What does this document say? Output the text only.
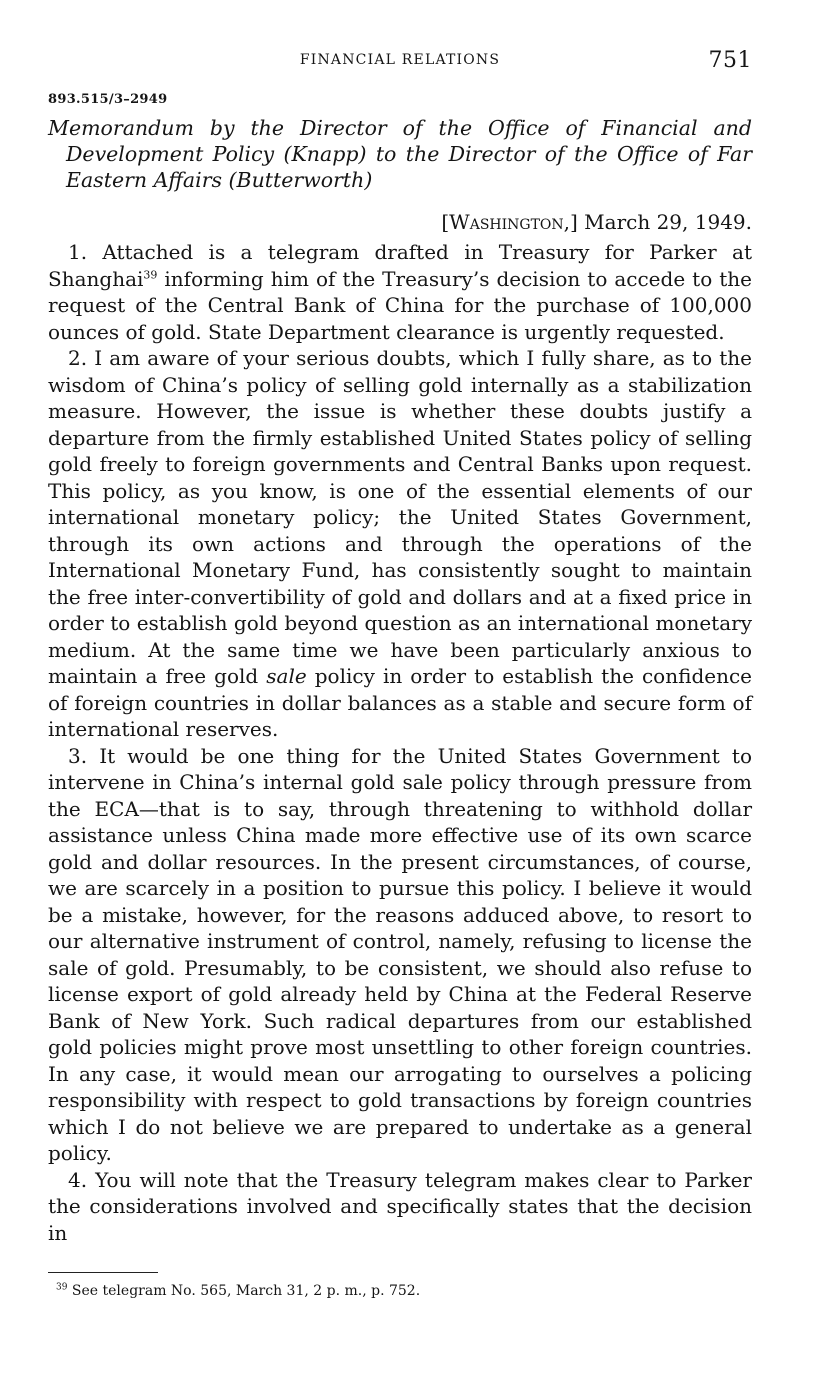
FINANCIAL RELATIONS	751
893.515/3–2949
Memorandum by the Director of the Office of Financial and Development Policy (Knapp) to the Director of the Office of Far Eastern Affairs (Butterworth)
[Washington,] March 29, 1949.

1. Attached is a telegram drafted in Treasury for Parker at Shanghai$^{39}$ informing him of the Treasury’s decision to accede to the request of the Central Bank of China for the purchase of 100,000 ounces of gold. State Department clearance is urgently requested.

2. I am aware of your serious doubts, which I fully share, as to the wisdom of China’s policy of selling gold internally as a stabilization measure. However, the issue is whether these doubts justify a departure from the firmly established United States policy of selling gold freely to foreign governments and Central Banks upon request. This policy, as you know, is one of the essential elements of our international monetary policy; the United States Government, through its own actions and through the operations of the International Monetary Fund, has consistently sought to maintain the free inter-convertibility of gold and dollars and at a fixed price in order to establish gold beyond question as an international monetary medium. At the same time we have been particularly anxious to maintain a free gold sale policy in order to establish the confidence of foreign countries in dollar balances as a stable and secure form of international reserves.

3. It would be one thing for the United States Government to intervene in China’s internal gold sale policy through pressure from the ECA—that is to say, through threatening to withhold dollar assistance unless China made more effective use of its own scarce gold and dollar resources. In the present circumstances, of course, we are scarcely in a position to pursue this policy. I believe it would be a mistake, however, for the reasons adduced above, to resort to our alternative instrument of control, namely, refusing to license the sale of gold. Presumably, to be consistent, we should also refuse to license export of gold already held by China at the Federal Reserve Bank of New York. Such radical departures from our established gold policies might prove most unsettling to other foreign countries. In any case, it would mean our arrogating to ourselves a policing responsibility with respect to gold transactions by foreign countries which I do not believe we are prepared to undertake as a general policy.

4. You will note that the Treasury telegram makes clear to Parker the considerations involved and specifically states that the decision in

$^{39}$ See telegram No. 565, March 31, 2 p. m., p. 752.
